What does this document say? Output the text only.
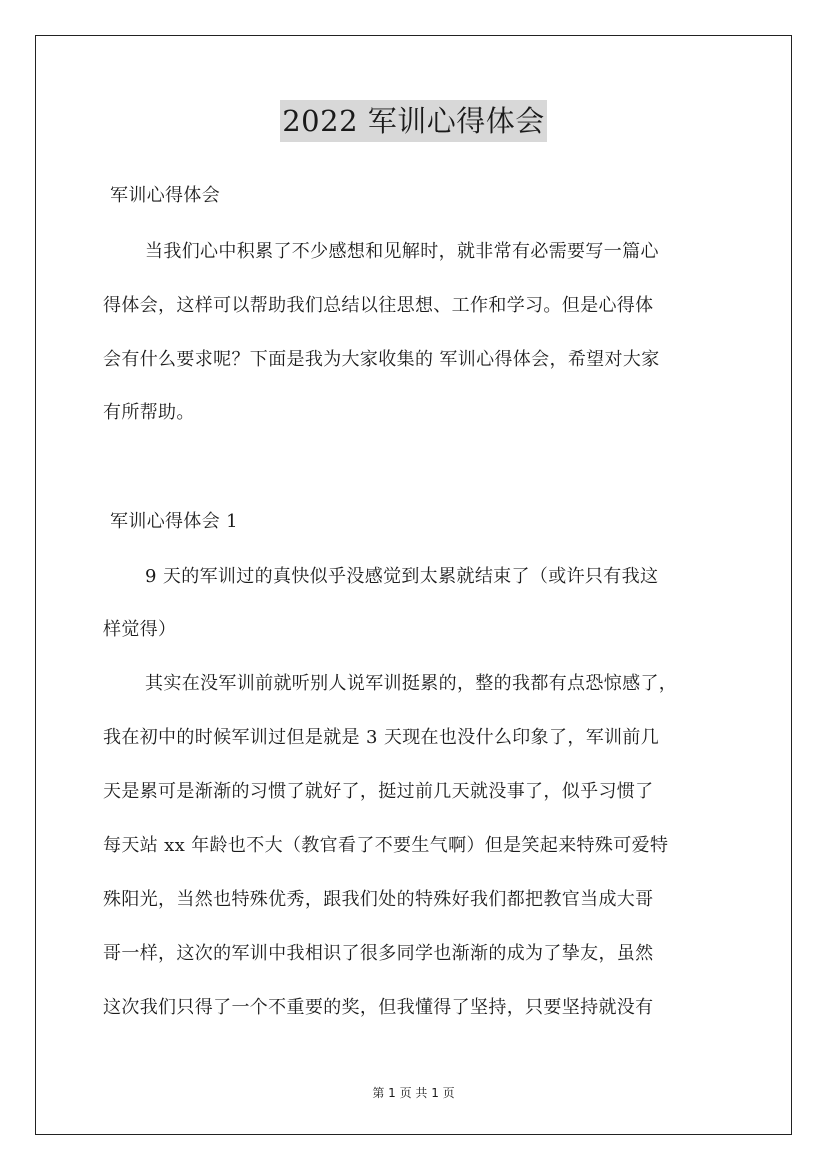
2022 军训心得体会
军训心得体会
当我们心中积累了不少感想和见解时，就非常有必需要写一篇心
得体会，这样可以帮助我们总结以往思想、工作和学习。但是心得体
会有什么要求呢？下面是我为大家收集的 军训心得体会，希望对大家
有所帮助。
军训心得体会 1
9 天的军训过的真快似乎没感觉到太累就结束了（或许只有我这
样觉得）
其实在没军训前就听别人说军训挺累的，整的我都有点恐惊感了，
我在初中的时候军训过但是就是 3 天现在也没什么印象了，军训前几
天是累可是渐渐的习惯了就好了，挺过前几天就没事了，似乎习惯了
每天站 xx 年龄也不大（教官看了不要生气啊）但是笑起来特殊可爱特
殊阳光，当然也特殊优秀，跟我们处的特殊好我们都把教官当成大哥
哥一样，这次的军训中我相识了很多同学也渐渐的成为了挚友，虽然
这次我们只得了一个不重要的奖，但我懂得了坚持，只要坚持就没有
第 1 页 共 1 页
